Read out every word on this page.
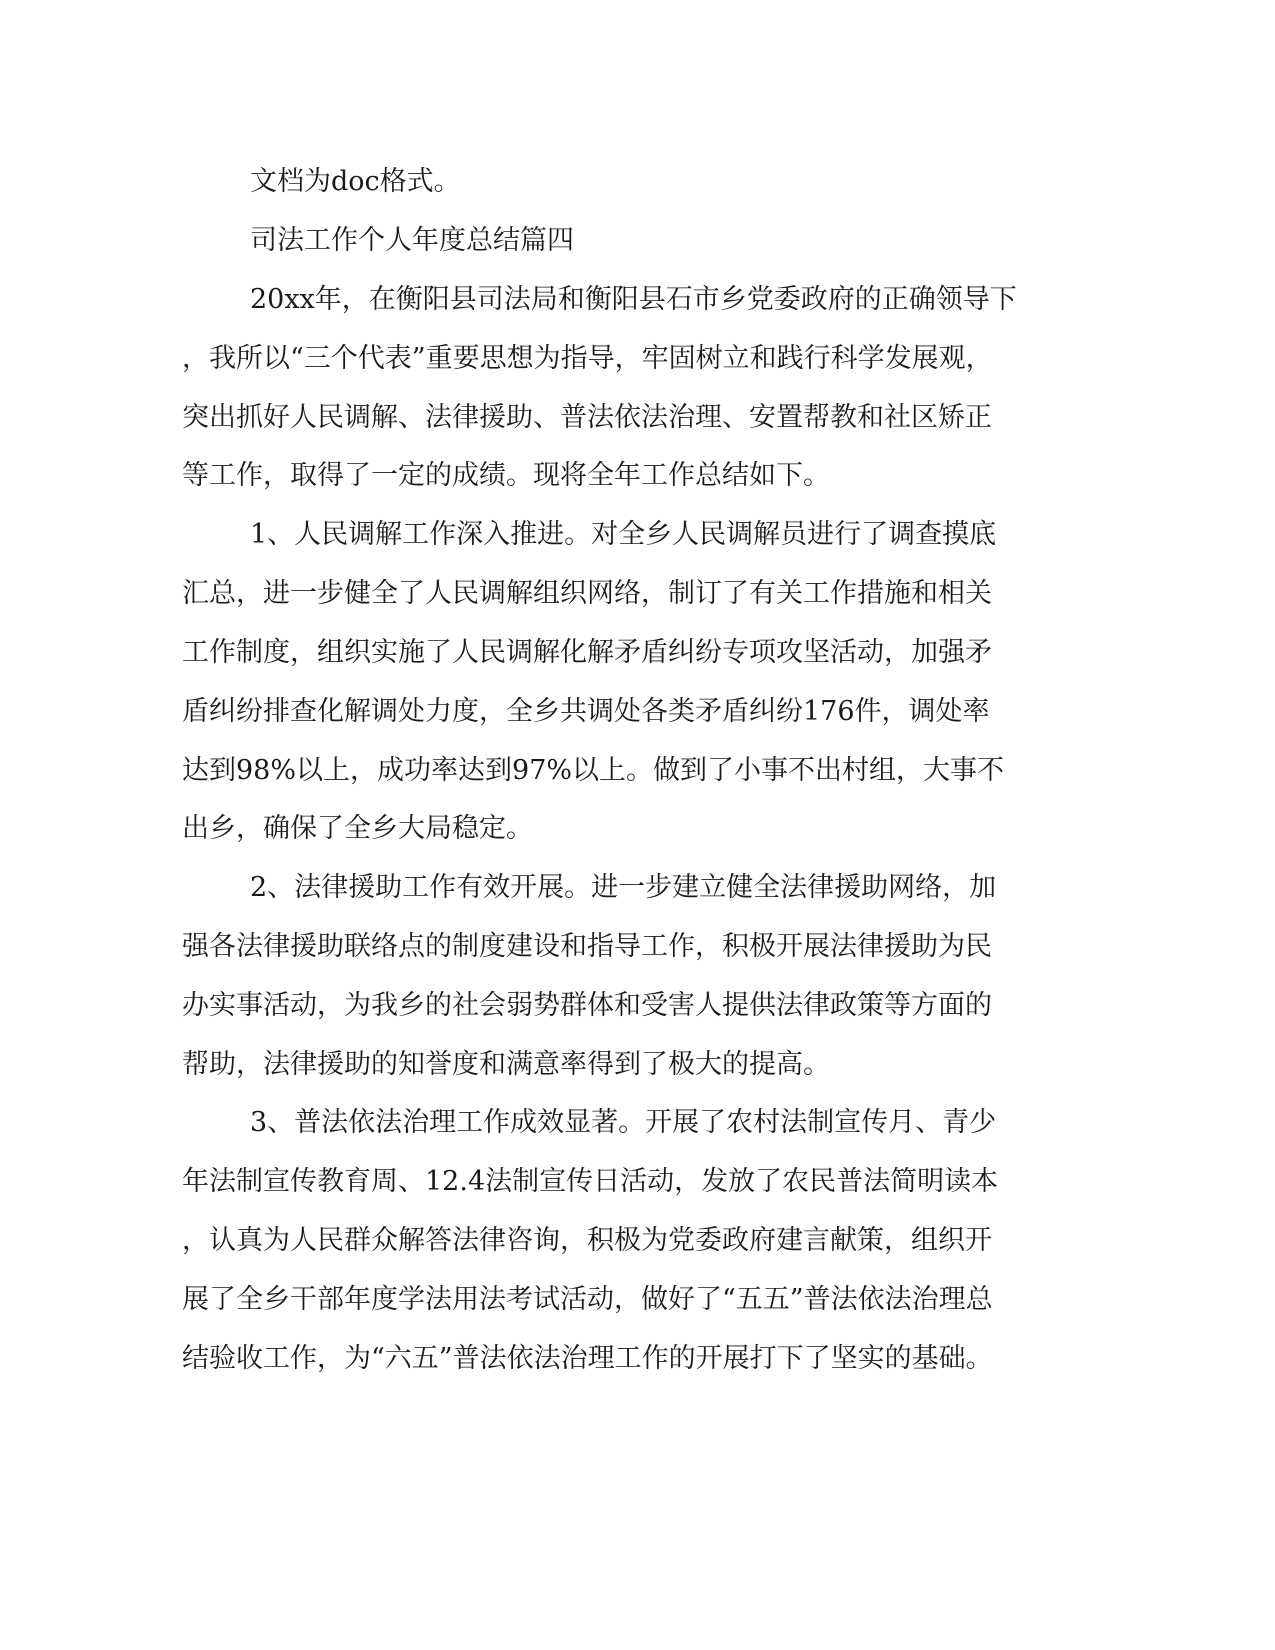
文档为doc格式。
司法工作个人年度总结篇四
20xx年，在衡阳县司法局和衡阳县石市乡党委政府的正确领导下
，我所以“三个代表”重要思想为指导，牢固树立和践行科学发展观，
突出抓好人民调解、法律援助、普法依法治理、安置帮教和社区矫正
等工作，取得了一定的成绩。现将全年工作总结如下。
1、人民调解工作深入推进。对全乡人民调解员进行了调查摸底
汇总，进一步健全了人民调解组织网络，制订了有关工作措施和相关
工作制度，组织实施了人民调解化解矛盾纠纷专项攻坚活动，加强矛
盾纠纷排查化解调处力度，全乡共调处各类矛盾纠纷176件，调处率
达到98%以上，成功率达到97%以上。做到了小事不出村组，大事不
出乡，确保了全乡大局稳定。
2、法律援助工作有效开展。进一步建立健全法律援助网络，加
强各法律援助联络点的制度建设和指导工作，积极开展法律援助为民
办实事活动，为我乡的社会弱势群体和受害人提供法律政策等方面的
帮助，法律援助的知誉度和满意率得到了极大的提高。
3、普法依法治理工作成效显著。开展了农村法制宣传月、青少
年法制宣传教育周、12.4法制宣传日活动，发放了农民普法简明读本
，认真为人民群众解答法律咨询，积极为党委政府建言献策，组织开
展了全乡干部年度学法用法考试活动，做好了“五五”普法依法治理总
结验收工作，为“六五”普法依法治理工作的开展打下了坚实的基础。
